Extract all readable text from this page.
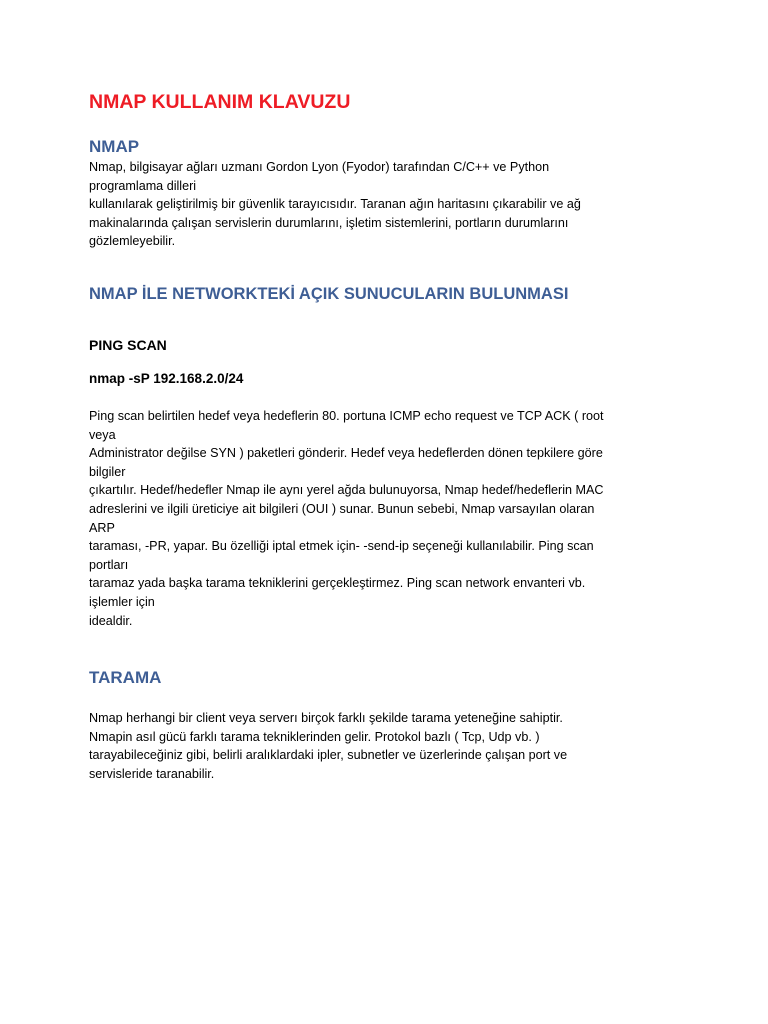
NMAP KULLANIM KLAVUZU
NMAP

Nmap, bilgisayar ağları uzmanı Gordon Lyon (Fyodor) tarafından C/C++ ve Python
programlama dilleri
kullanılarak geliştirilmiş bir güvenlik tarayıcısıdır. Taranan ağın haritasını çıkarabilir ve ağ
makinalarında çalışan servislerin durumlarını, işletim sistemlerini, portların durumlarını
gözlemleyebilir.

NMAP İLE NETWORKTEKİ AÇIK SUNUCULARIN BULUNMASI
PING SCAN
nmap -sP 192.168.2.0/24

Ping scan belirtilen hedef veya hedeflerin 80. portuna ICMP echo request ve TCP ACK ( root
veya
Administrator değilse SYN ) paketleri gönderir. Hedef veya hedeflerden dönen tepkilere göre
bilgiler
çıkartılır. Hedef/hedefler Nmap ile aynı yerel ağda bulunuyorsa, Nmap hedef/hedeflerin MAC
adreslerini ve ilgili üreticiye ait bilgileri (OUI ) sunar. Bunun sebebi, Nmap varsayılan olaran
ARP
taraması, -PR, yapar. Bu özelliği iptal etmek için- -send-ip seçeneği kullanılabilir. Ping scan
portları
taramaz yada başka tarama tekniklerini gerçekleştirmez. Ping scan network envanteri vb.
işlemler için
idealdir.

TARAMA

Nmap herhangi bir client veya serverı birçok farklı şekilde tarama yeteneğine sahiptir.
Nmapin asıl gücü farklı tarama tekniklerinden gelir. Protokol bazlı ( Tcp, Udp vb. )
tarayabileceğiniz gibi, belirli aralıklardaki ipler, subnetler ve üzerlerinde çalışan port ve
servisleride taranabilir.
